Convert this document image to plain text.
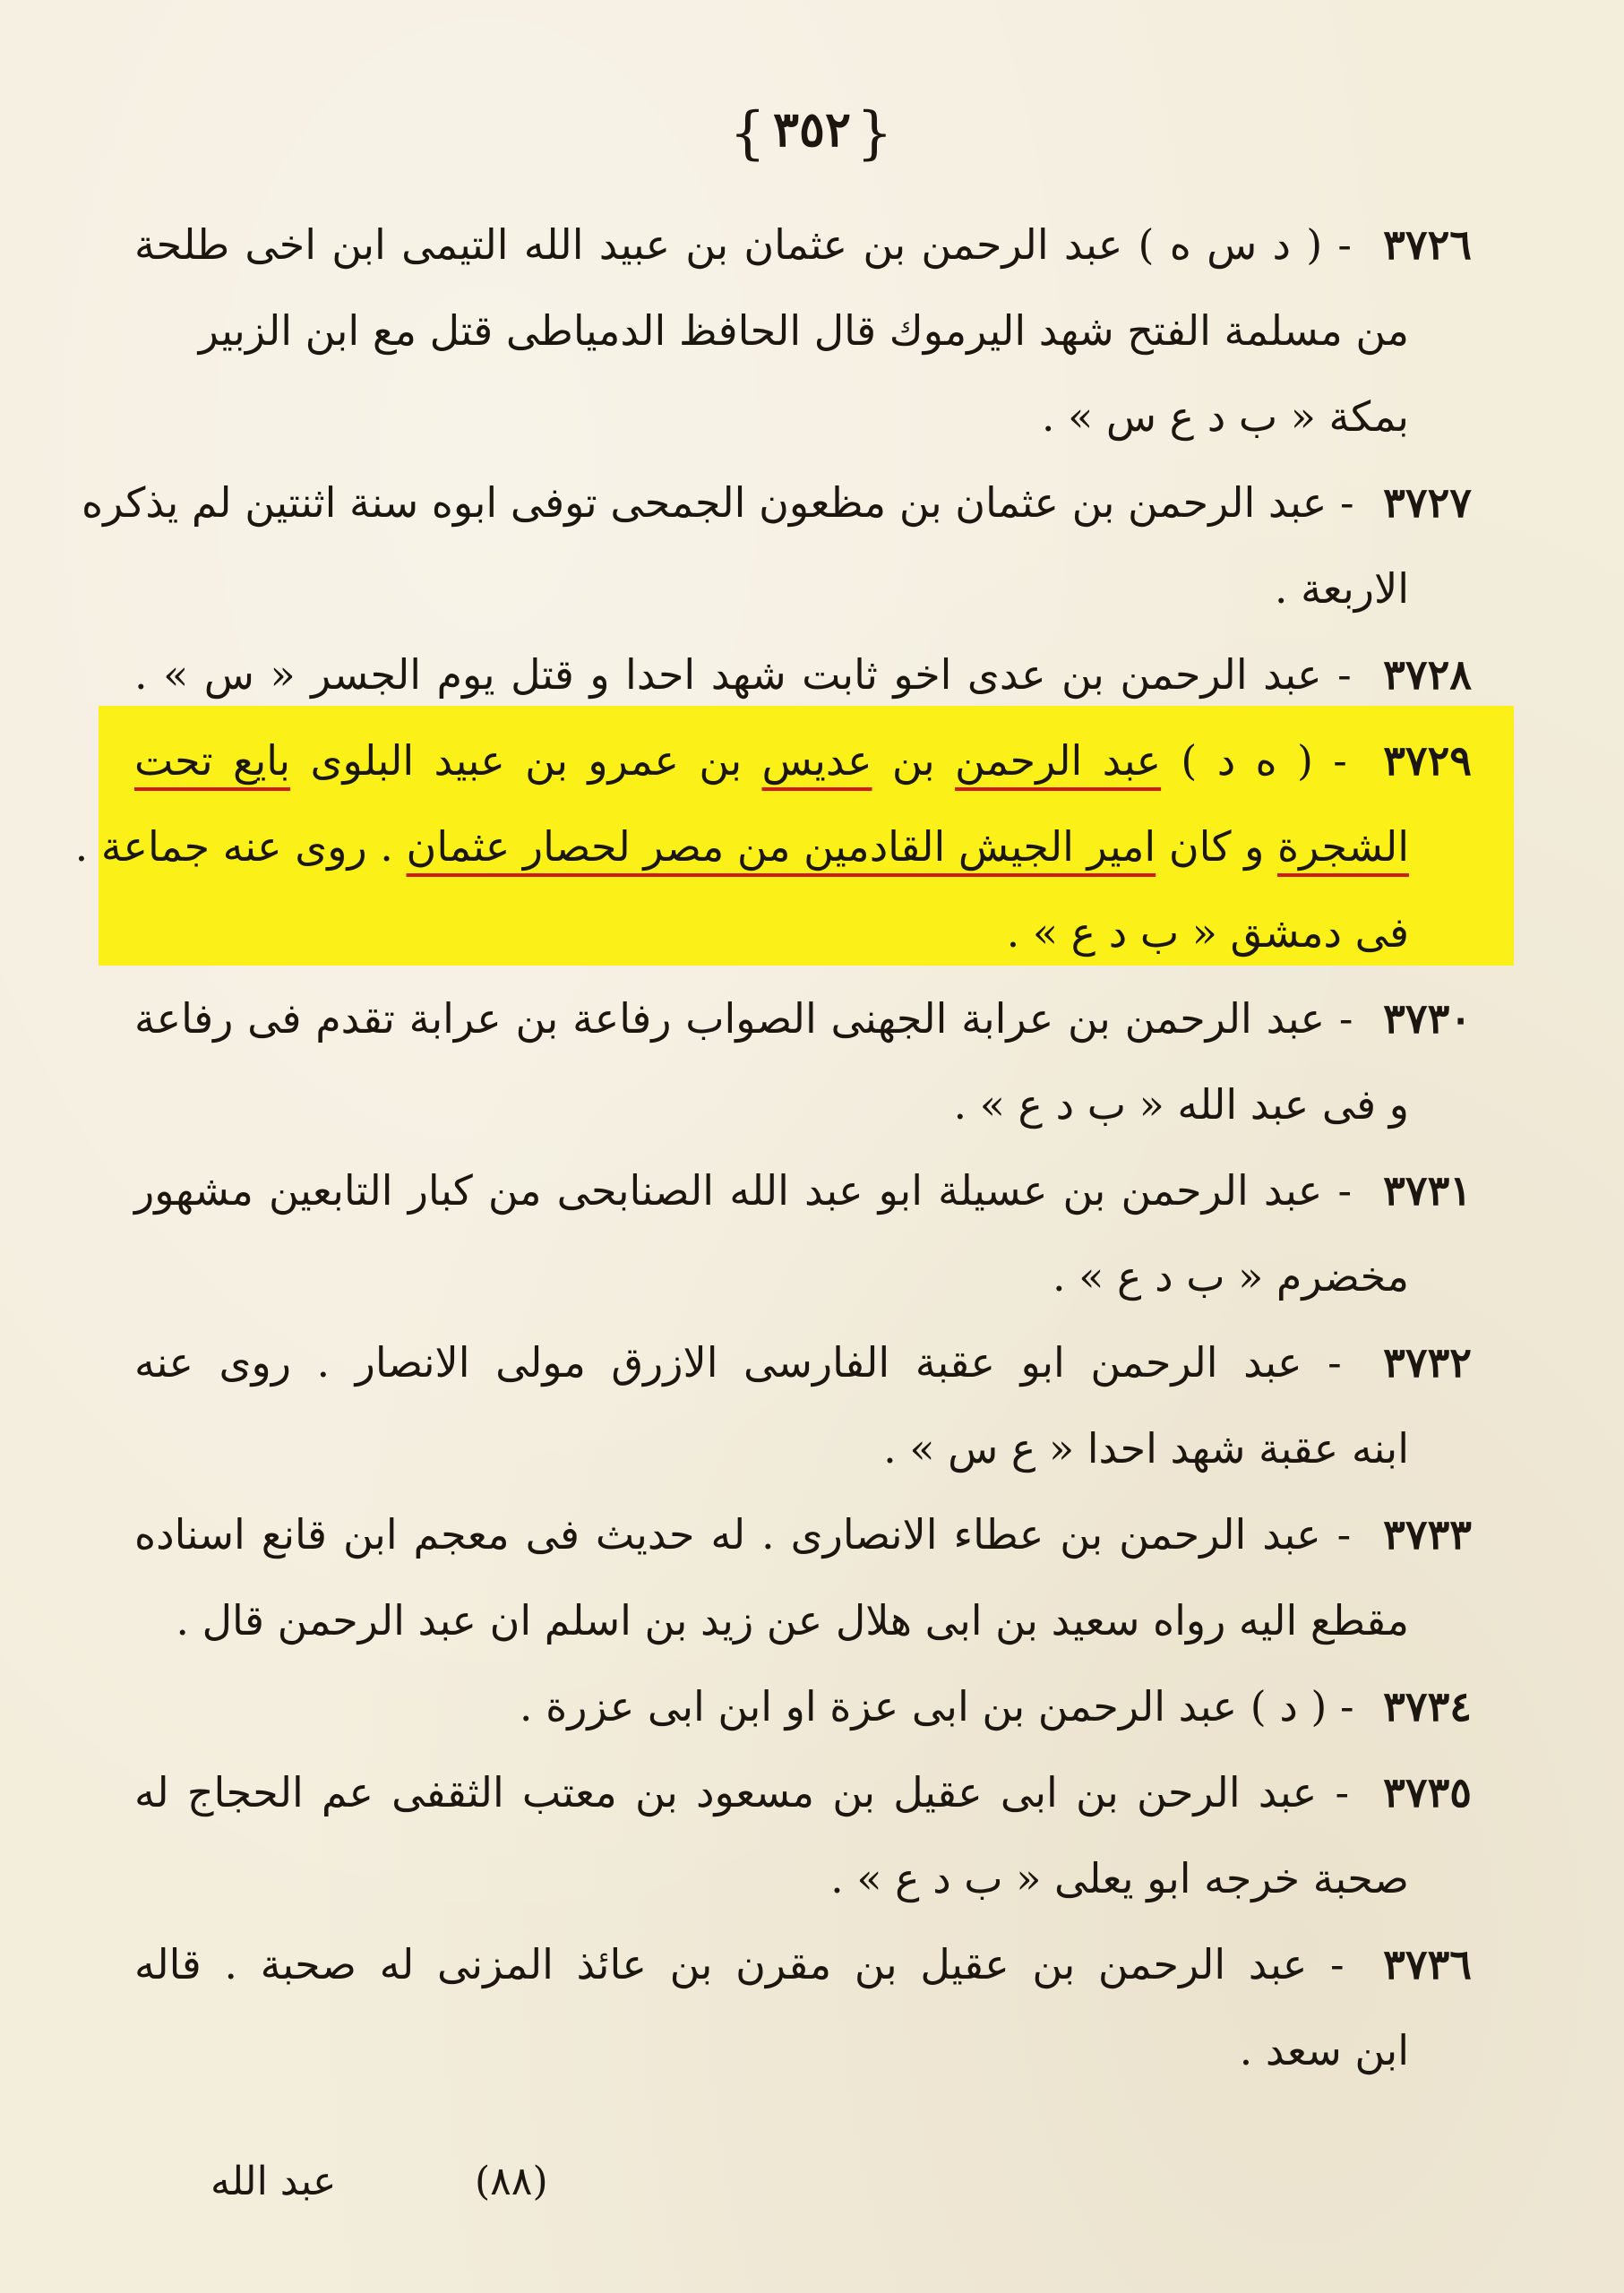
{٣٥٢}
٣٧٢٦ - ( د س ه ) عبد الرحمن بن عثمان بن عبيد الله التيمى ابن اخى طلحة
من مسلمة الفتح شهد اليرموك قال الحافظ الدمياطى قتل مع ابن الزبير
بمكة « ب د ع س » .
٣٧٢٧ - عبد الرحمن بن عثمان بن مظعون الجمحى توفى ابوه سنة اثنتين لم يذكره
الاربعة .
٣٧٢٨ - عبد الرحمن بن عدى اخو ثابت شهد احدا و قتل يوم الجسر « س » .
٣٧٢٩ - ( ه د ) عبد الرحمن بن عديس بن عمرو بن عبيد البلوى بايع تحت
الشجرة و كان امير الجيش القادمين من مصر لحصار عثمان . روى عنه جماعة .
فى دمشق « ب د ع » .
٣٧٣٠ - عبد الرحمن بن عرابة الجهنى الصواب رفاعة بن عرابة تقدم فى رفاعة
و فى عبد الله « ب د ع » .
٣٧٣١ - عبد الرحمن بن عسيلة ابو عبد الله الصنابحى من كبار التابعين مشهور
مخضرم « ب د ع » .
٣٧٣٢ - عبد الرحمن ابو عقبة الفارسى الازرق مولى الانصار . روى عنه
ابنه عقبة شهد احدا « ع س » .
٣٧٣٣ - عبد الرحمن بن عطاء الانصارى . له حديث فى معجم ابن قانع اسناده
مقطع اليه رواه سعيد بن ابى هلال عن زيد بن اسلم ان عبد الرحمن قال .
٣٧٣٤ - ( د ) عبد الرحمن بن ابى عزة او ابن ابى عزرة .
٣٧٣٥ - عبد الرحن بن ابى عقيل بن مسعود بن معتب الثقفى عم الحجاج له
صحبة خرجه ابو يعلى « ب د ع » .
٣٧٣٦ - عبد الرحمن بن عقيل بن مقرن بن عائذ المزنى له صحبة . قاله
ابن سعد .
(٨٨)
عبد الله
